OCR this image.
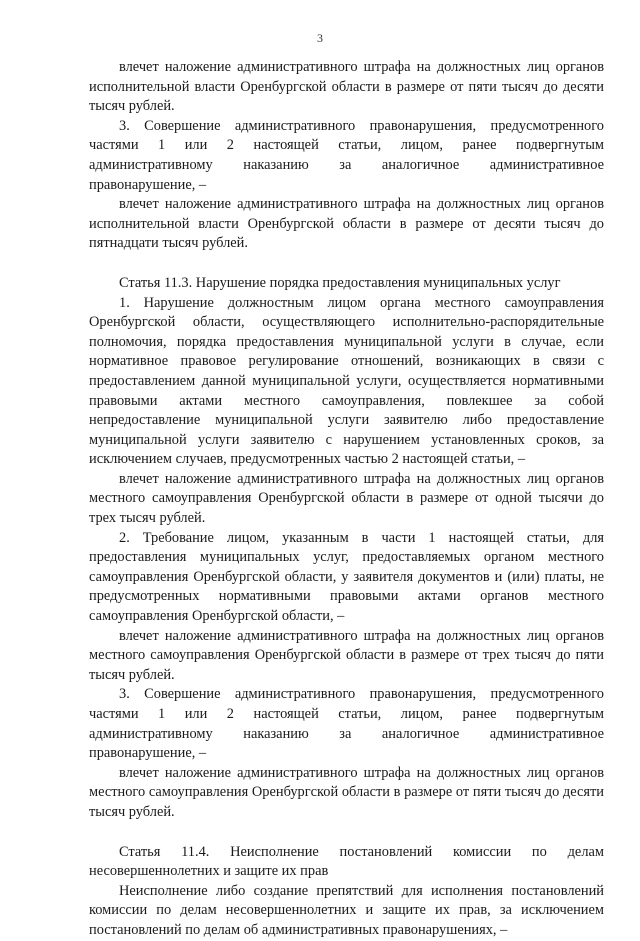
3

влечет наложение административного штрафа на должностных лиц органов исполнительной власти Оренбургской области в размере от пяти тысяч до десяти тысяч рублей.

3. Совершение административного правонарушения, предусмотренного частями 1 или 2 настоящей статьи, лицом, ранее подвергнутым административному наказанию за аналогичное административное правонарушение, –

влечет наложение административного штрафа на должностных лиц органов исполнительной власти Оренбургской области в размере от десяти тысяч до пятнадцати тысяч рублей.

Статья 11.3. Нарушение порядка предоставления муниципальных услуг

1. Нарушение должностным лицом органа местного самоуправления Оренбургской области, осуществляющего исполнительно-распорядительные полномочия, порядка предоставления муниципальной услуги в случае, если нормативное правовое регулирование отношений, возникающих в связи с предоставлением данной муниципальной услуги, осуществляется нормативными правовыми актами местного самоуправления, повлекшее за собой непредоставление муниципальной услуги заявителю либо предоставление муниципальной услуги заявителю с нарушением установленных сроков, за исключением случаев, предусмотренных частью 2 настоящей статьи, –

влечет наложение административного штрафа на должностных лиц органов местного самоуправления Оренбургской области в размере от одной тысячи до трех тысяч рублей.

2. Требование лицом, указанным в части 1 настоящей статьи, для предоставления муниципальных услуг, предоставляемых органом местного самоуправления Оренбургской области, у заявителя документов и (или) платы, не предусмотренных нормативными правовыми актами органов местного самоуправления Оренбургской области, –

влечет наложение административного штрафа на должностных лиц органов местного самоуправления Оренбургской области в размере от трех тысяч до пяти тысяч рублей.

3. Совершение административного правонарушения, предусмотренного частями 1 или 2 настоящей статьи, лицом, ранее подвергнутым административному наказанию за аналогичное административное правонарушение, –

влечет наложение административного штрафа на должностных лиц органов местного самоуправления Оренбургской области в размере от пяти тысяч до десяти тысяч рублей.

Статья 11.4. Неисполнение постановлений комиссии по делам несовершеннолетних и защите их прав

Неисполнение либо создание препятствий для исполнения постановлений комиссии по делам несовершеннолетних и защите их прав, за исключением постановлений по делам об административных правонарушениях, –
